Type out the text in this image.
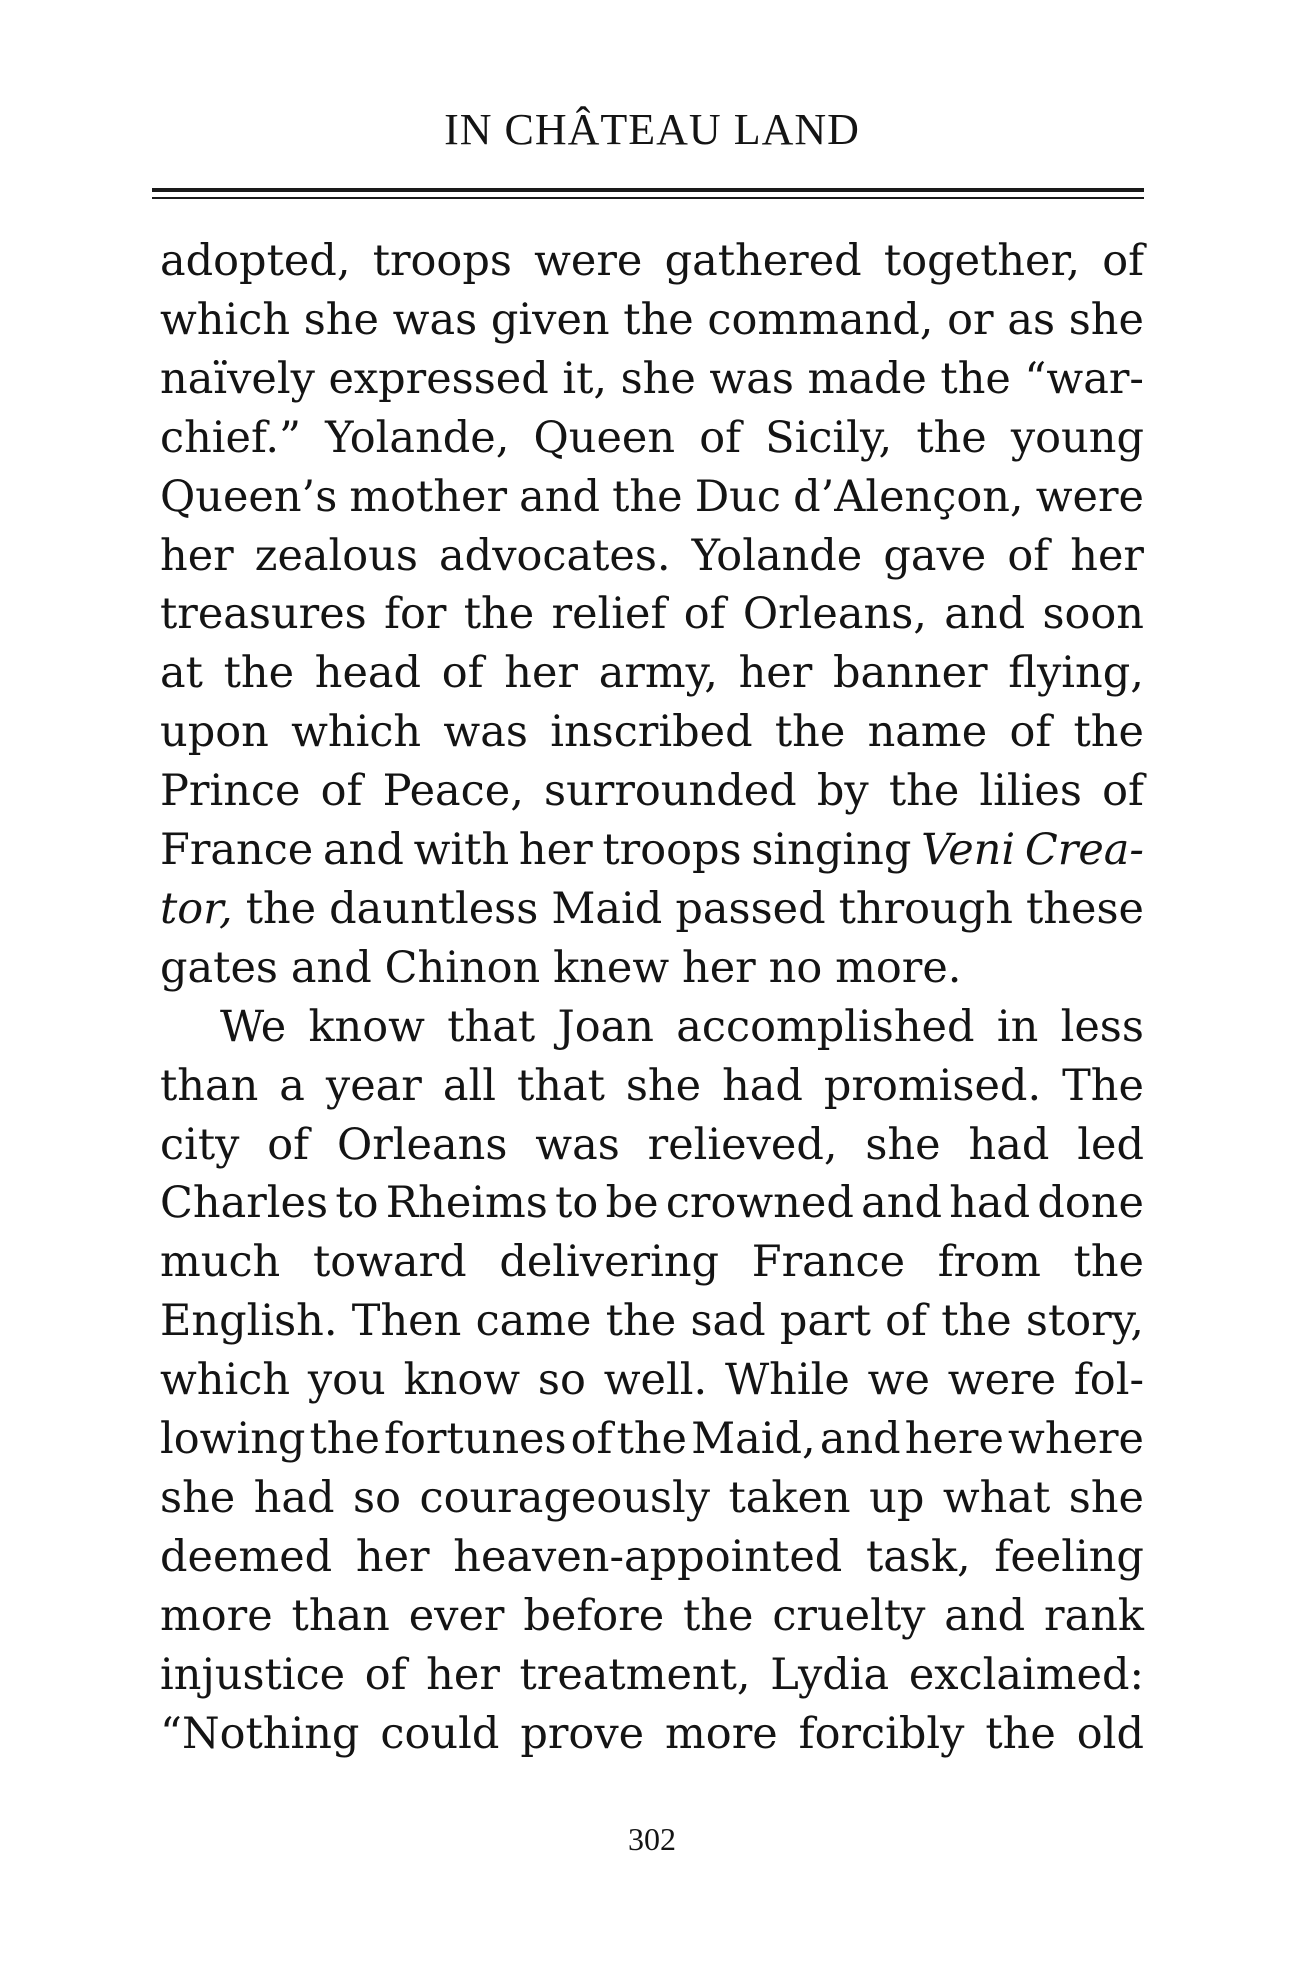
IN CHÂTEAU LAND
adopted, troops were gathered together, of
which she was given the command, or as she
naïvely expressed it, she was made the “war-
chief.” Yolande, Queen of Sicily, the young
Queen’s mother and the Duc d’Alençon, were
her zealous advocates. Yolande gave of her
treasures for the relief of Orleans, and soon
at the head of her army, her banner flying,
upon which was inscribed the name of the
Prince of Peace, surrounded by the lilies of
France and with her troops singing Veni Crea-
tor, the dauntless Maid passed through these
gates and Chinon knew her no more.
We know that Joan accomplished in less
than a year all that she had promised. The
city of Orleans was relieved, she had led
Charles to Rheims to be crowned and had done
much toward delivering France from the
English. Then came the sad part of the story,
which you know so well. While we were fol-
lowing the fortunes of the Maid, and here where
she had so courageously taken up what she
deemed her heaven-appointed task, feeling
more than ever before the cruelty and rank
injustice of her treatment, Lydia exclaimed:
“Nothing could prove more forcibly the old
302
